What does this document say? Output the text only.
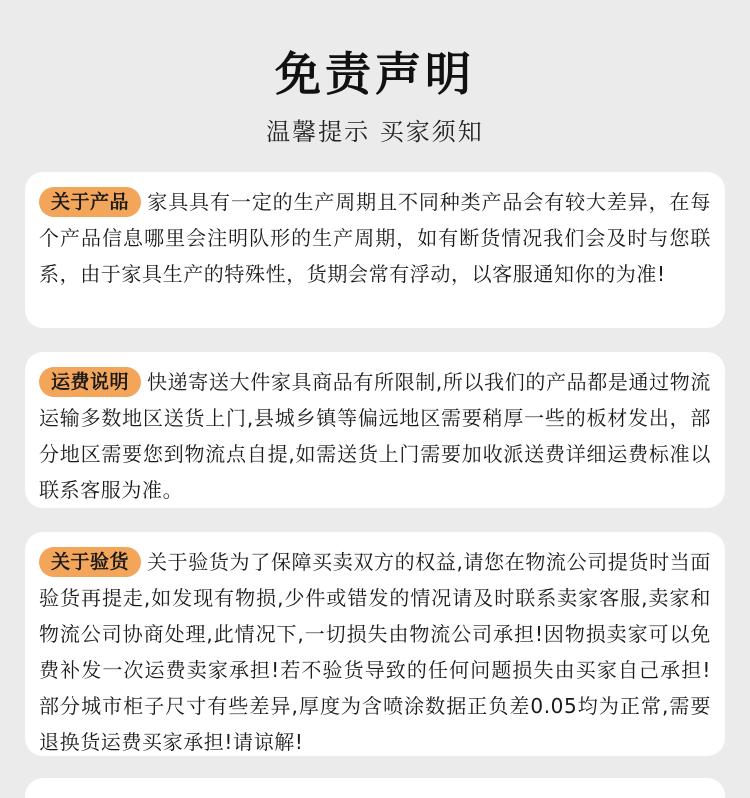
免责声明
温馨提示 买家须知
关于产品 家具具有一定的生产周期且不同种类产品会有较大差异，在每个产品信息哪里会注明队形的生产周期，如有断货情况我们会及时与您联系，由于家具生产的特殊性，货期会常有浮动，以客服通知你的为准!
运费说明 快递寄送大件家具商品有所限制,所以我们的产品都是通过物流运输多数地区送货上门,县城乡镇等偏远地区需要稍厚一些的板材发出，部分地区需要您到物流点自提,如需送货上门需要加收派送费详细运费标准以联系客服为准。
关于验货 关于验货为了保障买卖双方的权益,请您在物流公司提货时当面验货再提走,如发现有物损,少件或错发的情况请及时联系卖家客服,卖家和物流公司协商处理,此情况下,一切损失由物流公司承担!因物损卖家可以免费补发一次运费卖家承担!若不验货导致的任何问题损失由买家自己承担!部分城市柜子尺寸有些差异,厚度为含喷涂数据正负差0.05均为正常,需要退换货运费买家承担!请谅解!
